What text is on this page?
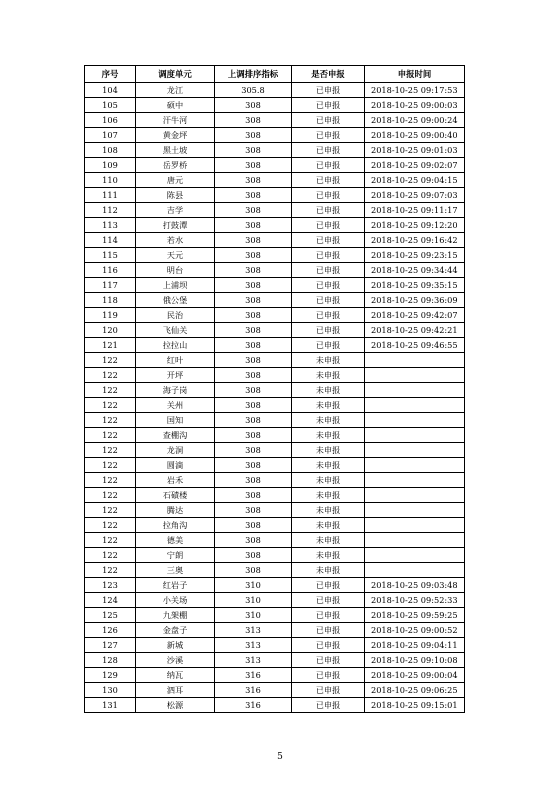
序号	调度单元	上调排序指标	是否申报	申报时间
104	龙江	305.8	已申报	2018-10-25 09:17:53
105	硕中	308	已申报	2018-10-25 09:00:03
106	汗牛河	308	已申报	2018-10-25 09:00:24
107	黄金坪	308	已申报	2018-10-25 09:00:40
108	黑土坡	308	已申报	2018-10-25 09:01:03
109	岳罗桥	308	已申报	2018-10-25 09:02:07
110	唐元	308	已申报	2018-10-25 09:04:15
111	陈县	308	已申报	2018-10-25 09:07:03
112	吉学	308	已申报	2018-10-25 09:11:17
113	打鼓潭	308	已申报	2018-10-25 09:12:20
114	若水	308	已申报	2018-10-25 09:16:42
115	天元	308	已申报	2018-10-25 09:23:15
116	明台	308	已申报	2018-10-25 09:34:44
117	上浦坝	308	已申报	2018-10-25 09:35:15
118	俄公堡	308	已申报	2018-10-25 09:36:09
119	民治	308	已申报	2018-10-25 09:42:07
120	飞仙关	308	已申报	2018-10-25 09:42:21
121	拉拉山	308	已申报	2018-10-25 09:46:55
122	红叶	308	未申报	
122	开坪	308	未申报	
122	海子岗	308	未申报	
122	关州	308	未申报	
122	国知	308	未申报	
122	查棚沟	308	未申报	
122	龙洞	308	未申报	
122	圆滴	308	未申报	
122	岩禾	308	未申报	
122	石磧楼	308	未申报	
122	腾达	308	未申报	
122	拉角沟	308	未申报	
122	德美	308	未申报	
122	宁朗	308	未申报	
122	三奥	308	未申报	
123	红岩子	310	已申报	2018-10-25 09:03:48
124	小关场	310	已申报	2018-10-25 09:52:33
125	九架棚	310	已申报	2018-10-25 09:59:25
126	金盘子	313	已申报	2018-10-25 09:00:52
127	新城	313	已申报	2018-10-25 09:04:11
128	沙溪	313	已申报	2018-10-25 09:10:08
129	纳瓦	316	已申报	2018-10-25 09:00:04
130	泗耳	316	已申报	2018-10-25 09:06:25
131	松源	316	已申报	2018-10-25 09:15:01
5
